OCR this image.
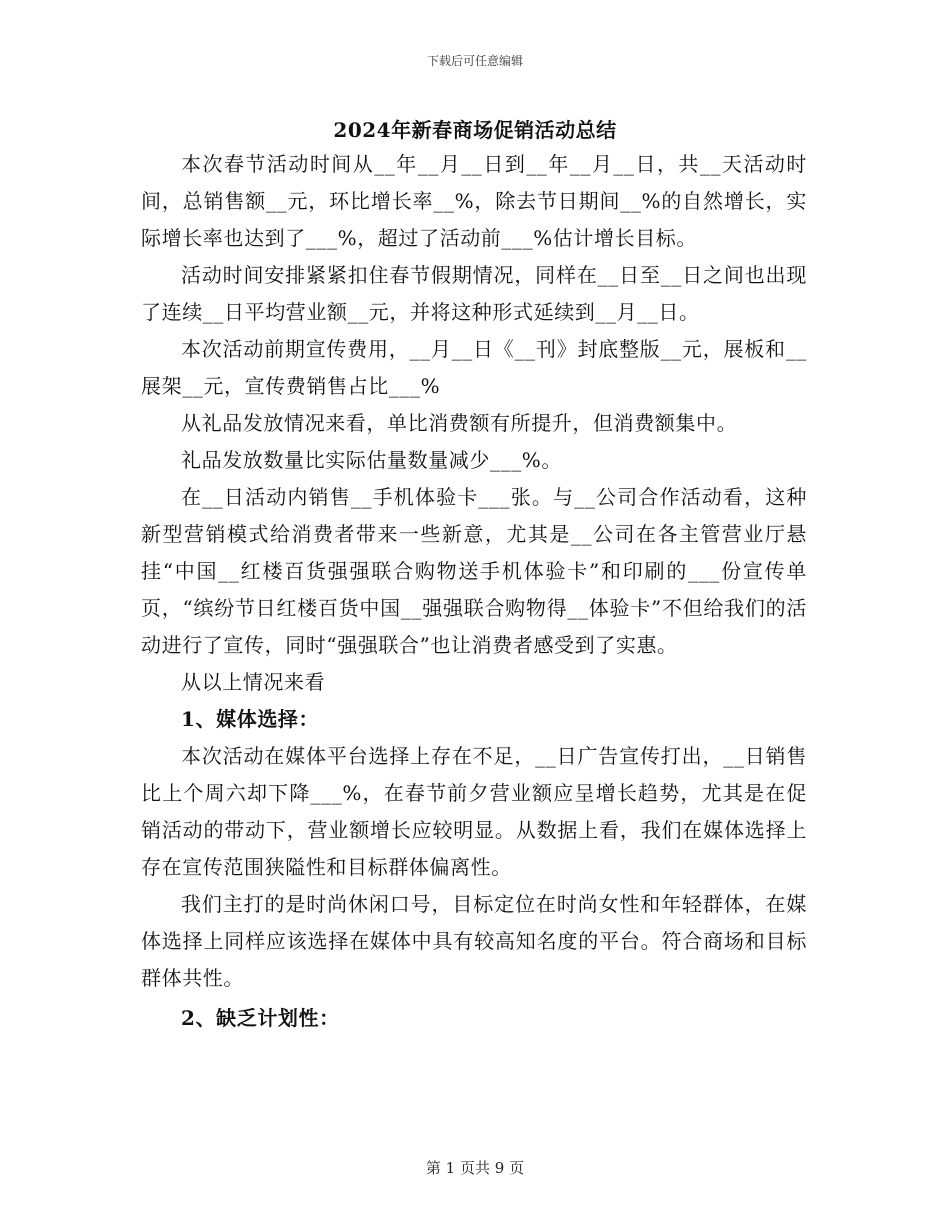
下载后可任意编辑
2024年新春商场促销活动总结

本次春节活动时间从__年__月__日到__年__月__日，共__天活动时间，总销售额__元，环比增长率__%，除去节日期间__%的自然增长，实际增长率也达到了___%，超过了活动前___%估计增长目标。

活动时间安排紧紧扣住春节假期情况，同样在__日至__日之间也出现了连续__日平均营业额__元，并将这种形式延续到__月__日。

本次活动前期宣传费用，__月__日《__刊》封底整版__元，展板和__展架__元，宣传费销售占比___%

从礼品发放情况来看，单比消费额有所提升，但消费额集中。

礼品发放数量比实际估量数量减少___%。

在__日活动内销售__手机体验卡___张。与__公司合作活动看，这种新型营销模式给消费者带来一些新意，尤其是__公司在各主管营业厅悬挂“中国__红楼百货强强联合购物送手机体验卡”和印刷的___份宣传单页，“缤纷节日红楼百货中国__强强联合购物得__体验卡”不但给我们的活动进行了宣传，同时“强强联合”也让消费者感受到了实惠。

从以上情况来看

1、媒体选择：

本次活动在媒体平台选择上存在不足，__日广告宣传打出，__日销售比上个周六却下降___%，在春节前夕营业额应呈增长趋势，尤其是在促销活动的带动下，营业额增长应较明显。从数据上看，我们在媒体选择上存在宣传范围狭隘性和目标群体偏离性。

我们主打的是时尚休闲口号，目标定位在时尚女性和年轻群体，在媒体选择上同样应该选择在媒体中具有较高知名度的平台。符合商场和目标群体共性。

2、缺乏计划性：

第 1 页共 9 页
